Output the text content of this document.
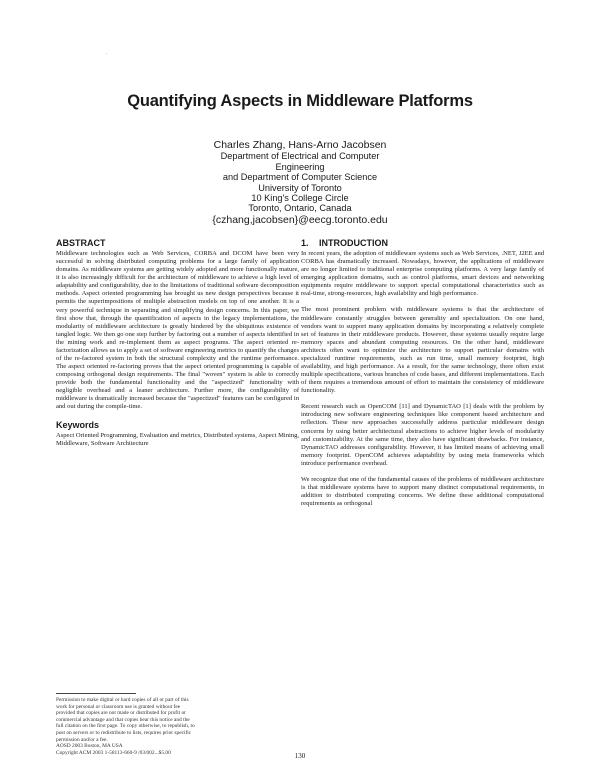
.
Quantifying Aspects in Middleware Platforms
Charles Zhang, Hans-Arno Jacobsen
Department of Electrical and Computer
Engineering
and Department of Computer Science
University of Toronto
10 King's College Circle
Toronto, Ontario, Canada
{czhang,jacobsen}@eecg.toronto.edu
ABSTRACT

Middleware technologies such as Web Services, CORBA and DCOM have been very successful in solving distributed computing problems for a large family of application domains. As middleware systems are getting widely adopted and more functionally mature, it is also increasingly difficult for the architecture of middleware to achieve a high level of adaptability and configurability, due to the limitations of traditional software decomposition methods. Aspect oriented programming has brought us new design perspectives because it permits the superimpositions of multiple abstraction models on top of one another. It is a very powerful technique in separating and simplifying design concerns. In this paper, we first show that, through the quantification of aspects in the legacy implementations, the modularity of middleware architecture is greatly hindered by the ubiquitous existence of tangled logic. We then go one step further by factoring out a number of aspects identified in the mining work and re-implement them as aspect programs. The aspect oriented re-factorization allows us to apply a set of software engineering metrics to quantify the changes of the re-factored system in both the structural complexity and the runtime performance. The aspect oriented re-factoring proves that the aspect oriented programming is capable of composing orthogonal design requirements. The final "woven" system is able to correctly provide both the fundamental functionality and the "aspectized" functionality with negligible overhead and a leaner architecture. Further more, the configurability of middleware is dramatically increased because the "aspectized" features can be configured in and out during the compile-time.

Keywords

Aspect Oriented Programming, Evaluation and metrics, Distributed systems, Aspect Mining, Middleware, Software Architecture

Permission to make digital or hard copies of all or part of this work for personal or classroom use is granted without fee provided that copies are not made or distributed for profit or commercial advantage and that copies bear this notice and the full citation on the first page. To copy otherwise, to republish, to post on servers or to redistribute to lists, requires prior specific permission and/or a fee.

AOSD 2003 Boston, MA USA

Copyright ACM 2003 1-58113-660-9 /03/002...$5.00

1. INTRODUCTION

In recent years, the adoption of middleware systems such as Web Services, .NET, J2EE and CORBA has dramatically increased. Nowadays, however, the applications of middleware are no longer limited to traditional enterprise computing platforms. A very large family of emerging application domains, such as control platforms, smart devices and networking equipments require middleware to support special computational characteristics such as real-time, strong-resources, high availability and high performance.

The most prominent problem with middleware systems is that the architecture of middleware constantly struggles between generality and specialization. On one hand, vendors want to support many application domains by incorporating a relatively complete set of features in their middleware products. However, these systems usually require large memory spaces and abundant computing resources. On the other hand, middleware architects often want to optimize the architecture to support particular domains with specialized runtime requirements, such as run time, small memory footprint, high availability, and high performance. As a result, for the same technology, there often exist multiple specifications, various branches of code bases, and different implementations. Each of them requires a tremendous amount of effort to maintain the consistency of middleware functionality.

Recent research such as OpenCOM [11] and DynamicTAO [1] deals with the problem by introducing new software engineering techniques like component based architecture and reflection. These new approaches successfully address particular middleware design concerns by using better architectural abstractions to achieve higher levels of modularity and customizability. At the same time, they also have significant drawbacks. For instance, DynamicTAO addresses configurability. However, it has limited means of achieving small memory footprint. OpenCOM achieves adaptability by using meta frameworks which introduce performance overhead.

We recognize that one of the fundamental causes of the problems of middleware architecture is that middleware systems have to support many distinct computational requirements, in addition to distributed computing concerns. We define these additional computational requirements as orthogonal

130
